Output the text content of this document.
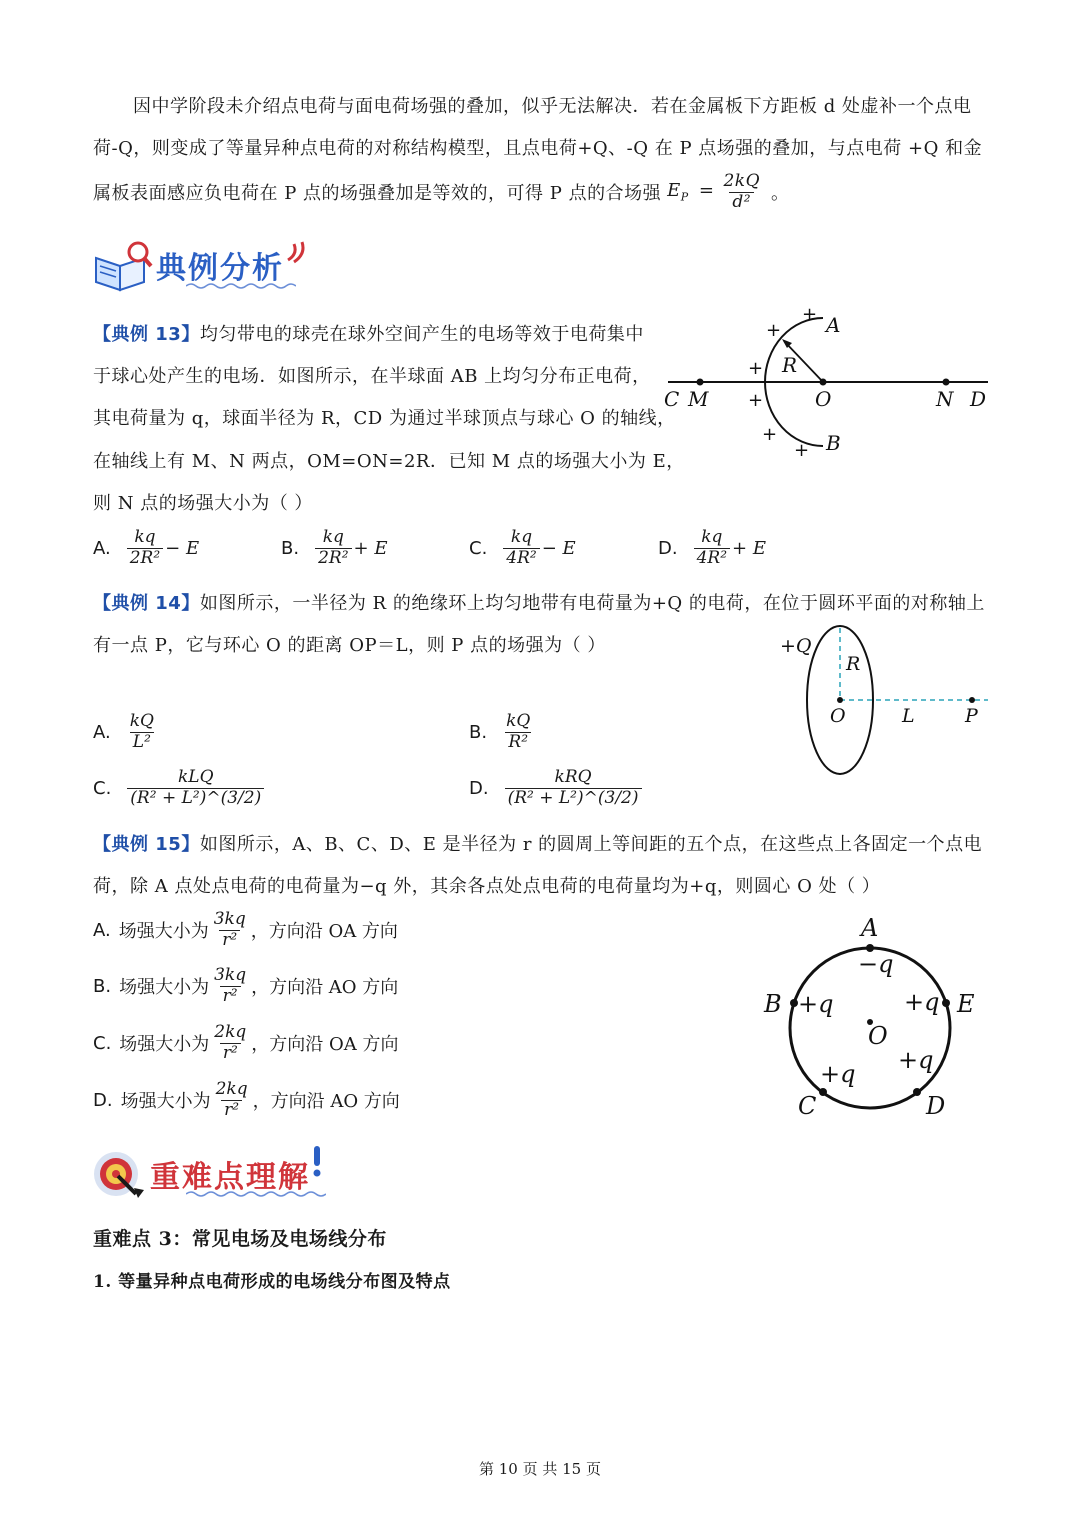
因中学阶段未介绍点电荷与面电荷场强的叠加，似乎无法解决．若在金属板下方距板 d 处虚补一个点电
荷-Q，则变成了等量异种点电荷的对称结构模型，且点电荷+Q、-Q 在 P 点场强的叠加，与点电荷 +Q 和金
属板表面感应负电荷在 P 点的场强叠加是等效的，可得 P 点的合场强 $E_P = \frac{2kQ}{\text{d²}}$ 。
典例分析
【典例 13】均匀带电的球壳在球外空间产生的电场等效于电荷集中
于球心处产生的电场．如图所示，在半球面 AB 上均匀分布正电荷，
其电荷量为 q，球面半径为 R，CD 为通过半球顶点与球心 O 的轴线，
在轴线上有 M、N 两点，OM=ON=2R．已知 M 点的场强大小为 E，
则 N 点的场强大小为（ ）
C M	O	N D
A
B
R
+
+
+
+
+
+
A. $\frac{kq}{\text{2R²}} - E$	B. $\frac{kq}{\text{2R²}} + E$	C. $\frac{kq}{\text{4R²}} - E$	D. $\frac{kq}{\text{4R²}} + E$
【典例 14】如图所示，一半径为 R 的绝缘环上均匀地带有电荷量为+Q 的电荷，在位于圆环平面的对称轴上
有一点 P，它与环心 O 的距离 OP＝L，则 P 点的场强为（ ）	+Q
R
O	L	P
A. $\frac{kQ}{\text{L²}}$	B. $\frac{kQ}{\text{R²}}$
C. $\frac{\text{kLQ}}{\text{(R² + L²)\textasciicircum{}(3/2)}}$	D. $\frac{\text{kRQ}}{\text{(R² + L²)\textasciicircum{}(3/2)}}$
【典例 15】如图所示，A、B、C、D、E 是半径为 r 的圆周上等间距的五个点，在这些点上各固定一个点电
荷，除 A 点处点电荷的电荷量为−q 外，其余各点处点电荷的电荷量均为+q，则圆心 O 处（ ）
A. 场强大小为 $\frac{3kq}{\text{r²}}$ ，方向沿 OA 方向
B. 场强大小为 $\frac{3kq}{\text{r²}}$ ，方向沿 AO 方向
C. 场强大小为 $\frac{2kq}{\text{r²}}$ ，方向沿 OA 方向
D. 场强大小为 $\frac{2kq}{\text{r²}}$ ，方向沿 AO 方向
A
−q
B +q	+q E
O
+q
+q
C	D
重难点理解
重难点 3：常见电场及电场线分布
1. 等量异种点电荷形成的电场线分布图及特点
第 10 页 共 15 页
